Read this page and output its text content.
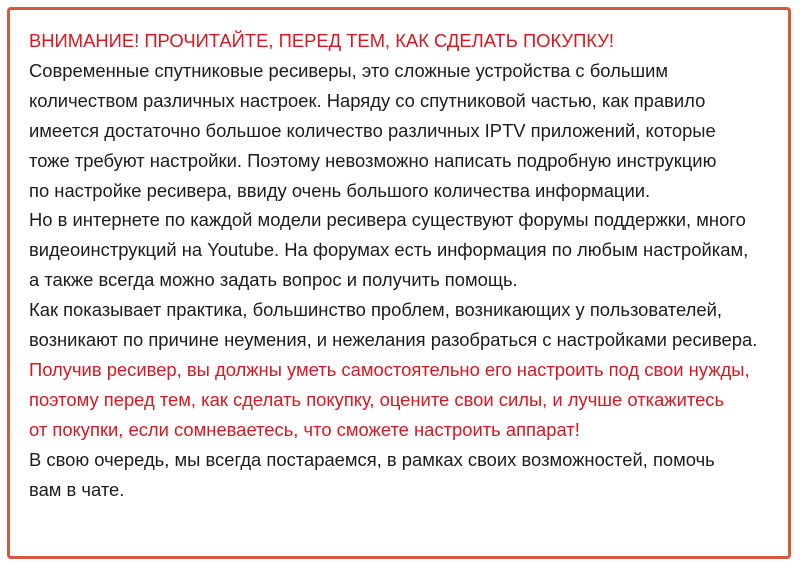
ВНИМАНИЕ! ПРОЧИТАЙТЕ, ПЕРЕД ТЕМ, КАК СДЕЛАТЬ ПОКУПКУ!
Современные спутниковые ресиверы, это сложные устройства с большим
количеством различных настроек. Наряду со спутниковой частью, как правило
имеется достаточно большое количество различных IPTV приложений, которые
тоже требуют настройки. Поэтому невозможно написать подробную инструкцию
по настройке ресивера, ввиду очень большого количества информации.
Но в интернете по каждой модели ресивера существуют форумы поддержки, много
видеоинструкций на Youtube. На форумах есть информация по любым настройкам,
а также всегда можно задать вопрос и получить помощь.
Как показывает практика, большинство проблем, возникающих у пользователей,
возникают по причине неумения, и нежелания разобраться с настройками ресивера.
Получив ресивер, вы должны уметь самостоятельно его настроить под свои нужды,
поэтому перед тем, как сделать покупку, оцените свои силы, и лучше откажитесь
от покупки, если сомневаетесь, что сможете настроить аппарат!
В свою очередь, мы всегда постараемся, в рамках своих возможностей, помочь
вам в чате.
